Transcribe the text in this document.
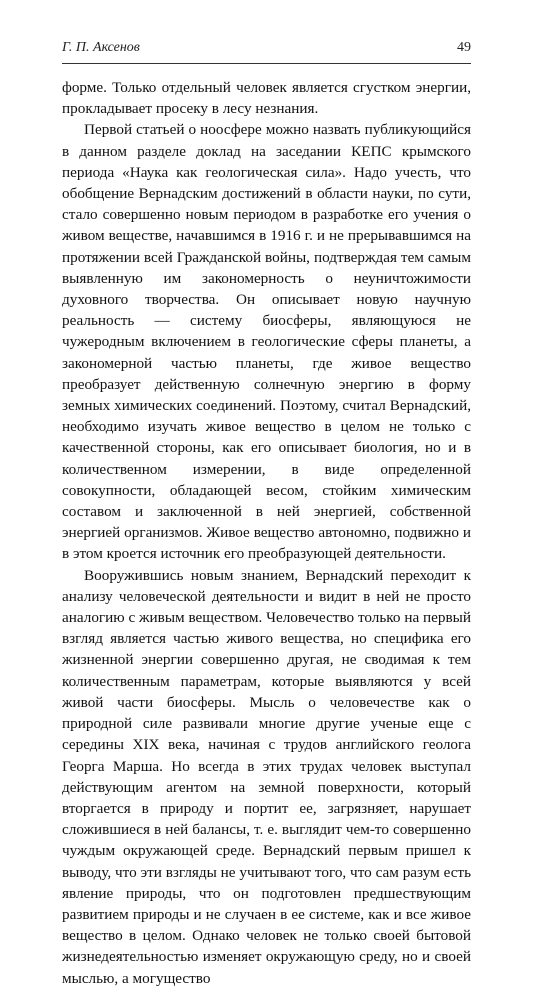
Г. П. Аксенов	49

форме. Только отдельный человек является сгустком энергии, прокладывает просеку в лесу незнания.

Первой статьей о ноосфере можно назвать публикующийся в данном разделе доклад на заседании КЕПС крымского периода «Наука как геологическая сила». Надо учесть, что обобщение Вернадским достижений в области науки, по сути, стало совершенно новым периодом в разработке его учения о живом веществе, начавшимся в 1916 г. и не прерывавшимся на протяжении всей Гражданской войны, подтверждая тем самым выявленную им закономерность о неуничтожимости духовного творчества. Он описывает новую научную реальность — систему биосферы, являющуюся не чужеродным включением в геологические сферы планеты, а закономерной частью планеты, где живое вещество преобразует действенную солнечную энергию в форму земных химических соединений. Поэтому, считал Вернадский, необходимо изучать живое вещество в целом не только с качественной стороны, как его описывает биология, но и в количественном измерении, в виде определенной совокупности, обладающей весом, стойким химическим составом и заключенной в ней энергией, собственной энергией организмов. Живое вещество автономно, подвижно и в этом кроется источник его преобразующей деятельности.

Вооружившись новым знанием, Вернадский переходит к анализу человеческой деятельности и видит в ней не просто аналогию с живым веществом. Человечество только на первый взгляд является частью живого вещества, но специфика его жизненной энергии совершенно другая, не сводимая к тем количественным параметрам, которые выявляются у всей живой части биосферы. Мысль о человечестве как о природной силе развивали многие другие ученые еще с середины XIX века, начиная с трудов английского геолога Георга Марша. Но всегда в этих трудах человек выступал действующим агентом на земной поверхности, который вторгается в природу и портит ее, загрязняет, нарушает сложившиеся в ней балансы, т. е. выглядит чем-то совершенно чуждым окружающей среде. Вернадский первым пришел к выводу, что эти взгляды не учитывают того, что сам разум есть явление природы, что он подготовлен предшествующим развитием природы и не случаен в ее системе, как и все живое вещество в целом. Однако человек не только своей бытовой жизнедеятельностью изменяет окружающую среду, но и своей мыслью, а могущество
